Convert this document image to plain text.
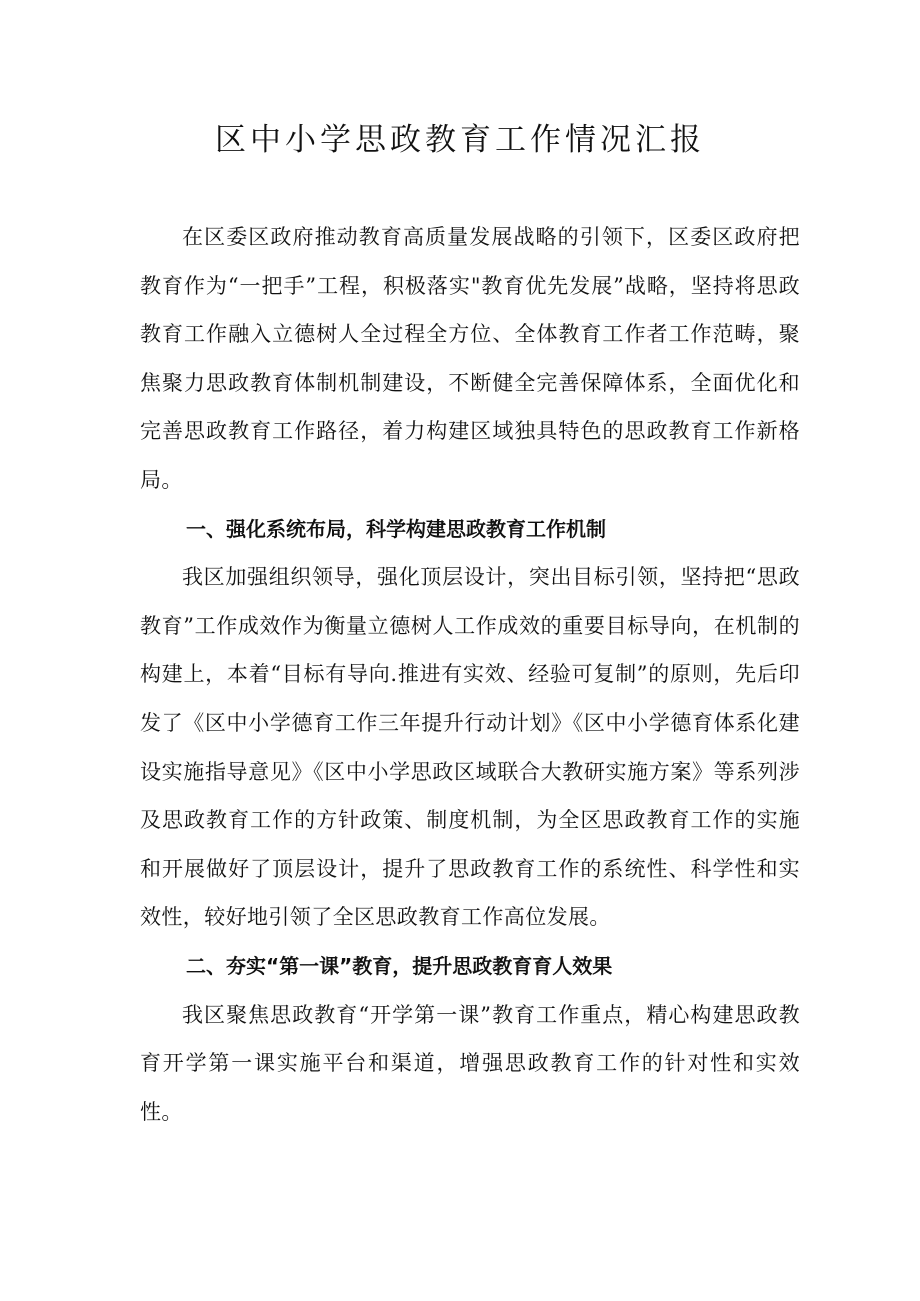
区中小学思政教育工作情况汇报

在区委区政府推动教育高质量发展战略的引领下，区委区政府把教育作为“一把手”工程，积极落实"教育优先发展”战略，坚持将思政教育工作融入立德树人全过程全方位、全体教育工作者工作范畴，聚焦聚力思政教育体制机制建设，不断健全完善保障体系，全面优化和完善思政教育工作路径，着力构建区域独具特色的思政教育工作新格局。

一、强化系统布局，科学构建思政教育工作机制

我区加强组织领导，强化顶层设计，突出目标引领，坚持把“思政教育”工作成效作为衡量立德树人工作成效的重要目标导向，在机制的构建上，本着“目标有导向.推进有实效、经验可复制”的原则，先后印发了《区中小学德育工作三年提升行动计划》《区中小学德育体系化建设实施指导意见》《区中小学思政区域联合大教研实施方案》等系列涉及思政教育工作的方针政策、制度机制，为全区思政教育工作的实施和开展做好了顶层设计，提升了思政教育工作的系统性、科学性和实效性，较好地引领了全区思政教育工作高位发展。

二、夯实“第一课”教育，提升思政教育育人效果

我区聚焦思政教育“开学第一课”教育工作重点，精心构建思政教育开学第一课实施平台和渠道，增强思政教育工作的针对性和实效性。
